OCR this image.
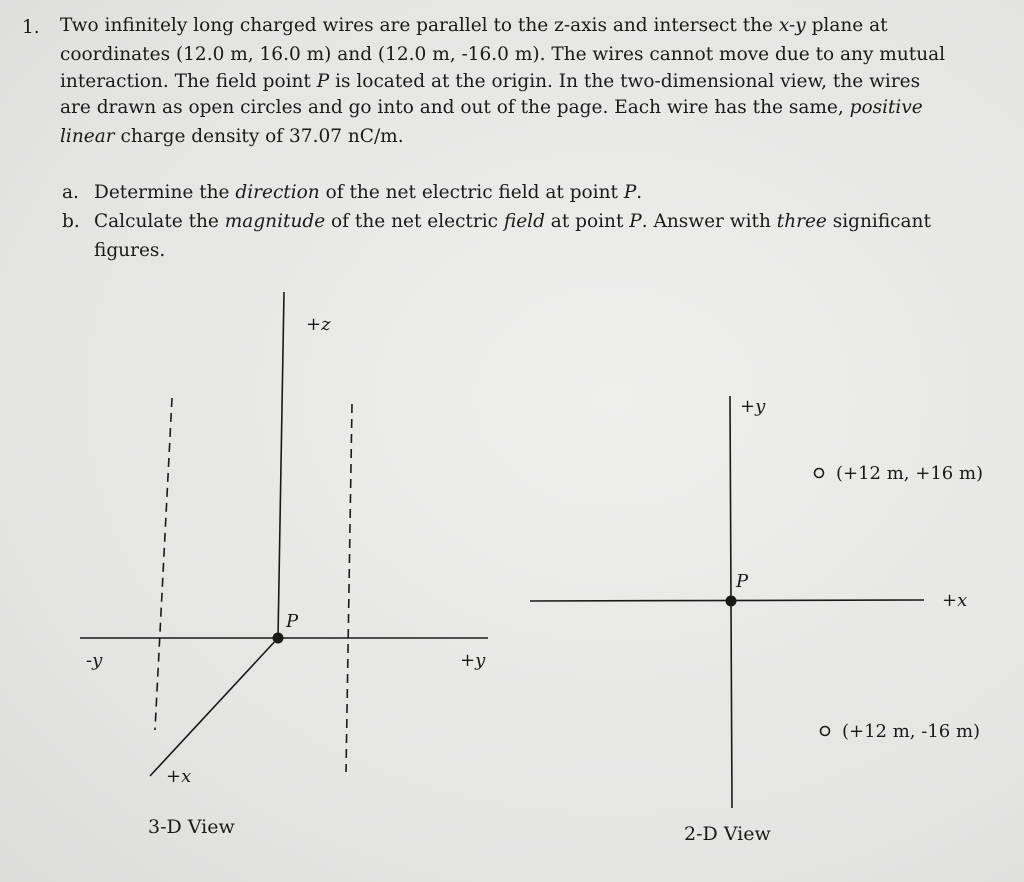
1. Two infinitely long charged wires are parallel to the z-axis and intersect the x-y plane at
coordinates (12.0 m, 16.0 m) and (12.0 m, -16.0 m). The wires cannot move due to any mutual
interaction. The field point P is located at the origin. In the two-dimensional view, the wires
are drawn as open circles and go into and out of the page. Each wire has the same, positive
linear charge density of 37.07 nC/m.
a. Determine the direction of the net electric field at point P.
b. Calculate the magnitude of the net electric field at point P. Answer with three significant
figures.
+z
-y	+y
+x
P
3-D View
+y
+x
P
(+12 m, +16 m)
(+12 m, -16 m)
2-D View
